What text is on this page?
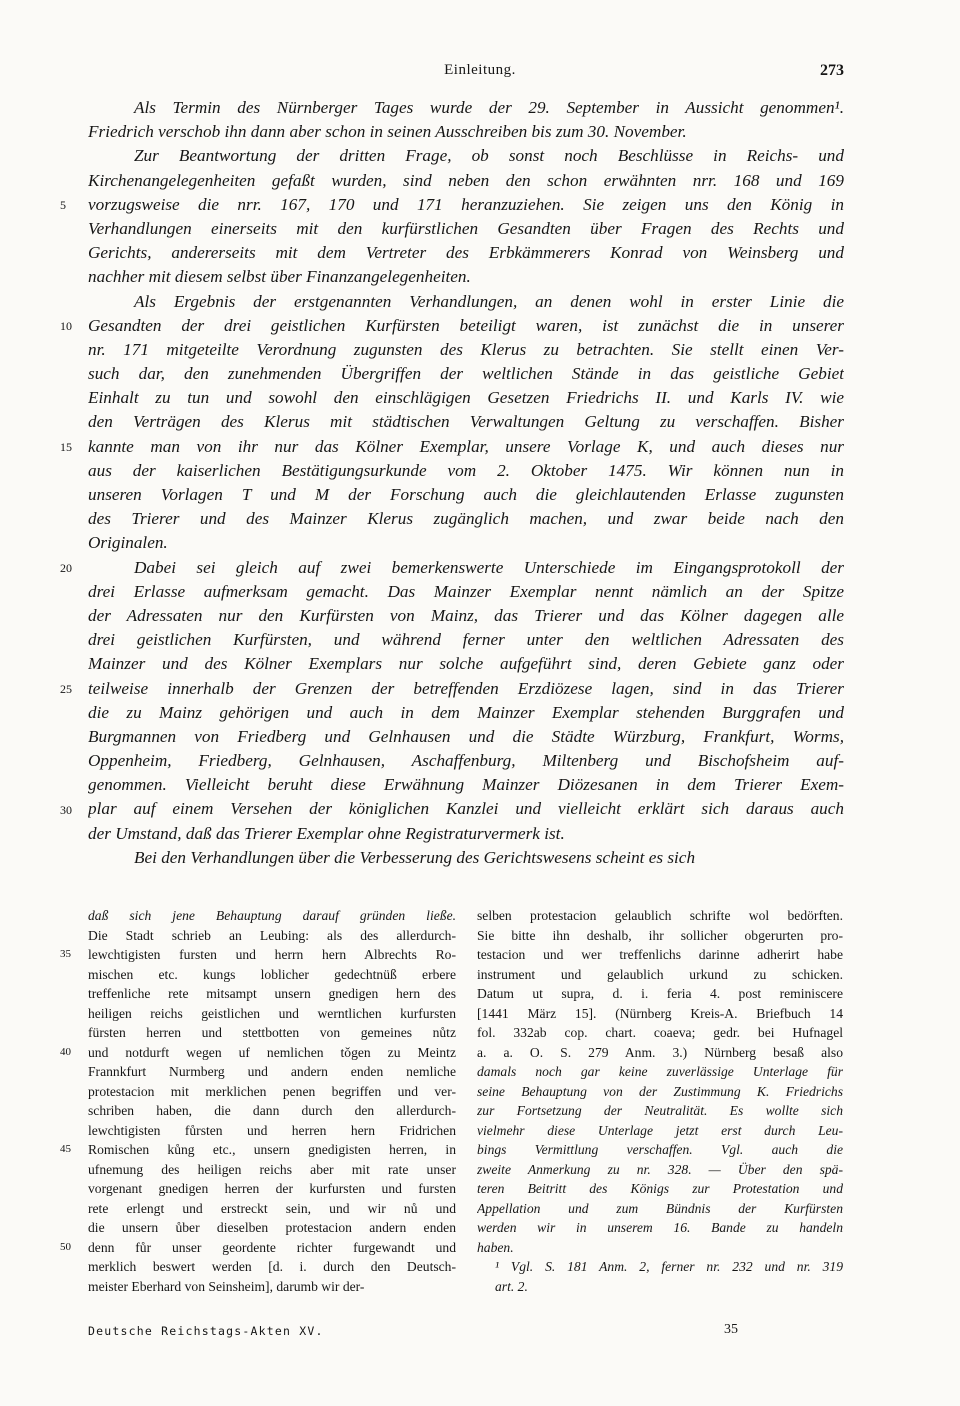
Einleitung.	273
Als Termin des Nürnberger Tages wurde der 29. September in Aussicht genommen¹.
Friedrich verschob ihn dann aber schon in seinen Ausschreiben bis zum 30. November.
Zur Beantwortung der dritten Frage, ob sonst noch Beschlüsse in Reichs- und
Kirchenangelegenheiten gefaßt wurden, sind neben den schon erwähnten nrr. 168 und 169
vorzugsweise die nrr. 167, 170 und 171 heranzuziehen. Sie zeigen uns den König in
Verhandlungen einerseits mit den kurfürstlichen Gesandten über Fragen des Rechts und
Gerichts, andererseits mit dem Vertreter des Erbkämmerers Konrad von Weinsberg und
nachher mit diesem selbst über Finanzangelegenheiten.
Als Ergebnis der erstgenannten Verhandlungen, an denen wohl in erster Linie die
Gesandten der drei geistlichen Kurfürsten beteiligt waren, ist zunächst die in unserer
nr. 171 mitgeteilte Verordnung zugunsten des Klerus zu betrachten. Sie stellt einen Ver-
such dar, den zunehmenden Übergriffen der weltlichen Stände in das geistliche Gebiet
Einhalt zu tun und sowohl den einschlägigen Gesetzen Friedrichs II. und Karls IV. wie
den Verträgen des Klerus mit städtischen Verwaltungen Geltung zu verschaffen. Bisher
kannte man von ihr nur das Kölner Exemplar, unsere Vorlage K, und auch dieses nur
aus der kaiserlichen Bestätigungsurkunde vom 2. Oktober 1475. Wir können nun in
unseren Vorlagen T und M der Forschung auch die gleichlautenden Erlasse zugunsten
des Trierer und des Mainzer Klerus zugänglich machen, und zwar beide nach den
Originalen.
Dabei sei gleich auf zwei bemerkenswerte Unterschiede im Eingangsprotokoll der
drei Erlasse aufmerksam gemacht. Das Mainzer Exemplar nennt nämlich an der Spitze
der Adressaten nur den Kurfürsten von Mainz, das Trierer und das Kölner dagegen alle
drei geistlichen Kurfürsten, und während ferner unter den weltlichen Adressaten des
Mainzer und des Kölner Exemplars nur solche aufgeführt sind, deren Gebiete ganz oder
teilweise innerhalb der Grenzen der betreffenden Erzdiözese lagen, sind in das Trierer
die zu Mainz gehörigen und auch in dem Mainzer Exemplar stehenden Burggrafen und
Burgmannen von Friedberg und Gelnhausen und die Städte Würzburg, Frankfurt, Worms,
Oppenheim, Friedberg, Gelnhausen, Aschaffenburg, Miltenberg und Bischofsheim auf-
genommen. Vielleicht beruht diese Erwähnung Mainzer Diözesanen in dem Trierer Exem-
plar auf einem Versehen der königlichen Kanzlei und vielleicht erklärt sich daraus auch
der Umstand, daß das Trierer Exemplar ohne Registraturvermerk ist.
Bei den Verhandlungen über die Verbesserung des Gerichtswesens scheint es sich
5
10
15
20
25
30
daß sich jene Behauptung darauf gründen ließe.
Die Stadt schrieb an Leubing: als des allerdurch-
lewchtigisten fursten und herrn hern Albrechts Ro-
mischen etc. kungs loblicher gedechtnüß erbere
treffenliche rete mitsampt unsern gnedigen hern des
heiligen reichs geistlichen und werntlichen kurfursten
fürsten herren und stettbotten von gemeines nůtz
und notdurft wegen uf nemlichen tǒgen zu Meintz
Frannkfurt Nurmberg und andern enden nemliche
protestacion mit merklichen penen begriffen und ver-
schriben haben, die dann durch den allerdurch-
lewchtigisten fůrsten und herren hern Fridrichen
Romischen kůng etc., unsern gnedigisten herren, in
ufnemung des heiligen reichs aber mit rate unser
vorgenant gnedigen herren der kurfursten und fursten
rete erlengt und erstreckt sein, und wir nů und
die unsern ůber dieselben protestacion andern enden
denn fůr unser geordente richter furgewandt und
merklich beswert werden [d. i. durch den Deutsch-
meister Eberhard von Seinsheim], darumb wir der-
35
40
45
50
selben protestacion gelaublich schrifte wol bedörften.
Sie bitte ihn deshalb, ihr sollicher obgerurten pro-
testacion und wer treffenlichs darinne adherirt habe
instrument und gelaublich urkund zu schicken.
Datum ut supra, d. i. feria 4. post reminiscere
[1441 März 15]. (Nürnberg Kreis-A. Briefbuch 14
fol. 332ab cop. chart. coaeva; gedr. bei Hufnagel
a. a. O. S. 279 Anm. 3.) Nürnberg besaß also
damals noch gar keine zuverlässige Unterlage für
seine Behauptung von der Zustimmung K. Friedrichs
zur Fortsetzung der Neutralität. Es wollte sich
vielmehr diese Unterlage jetzt erst durch Leu-
bings Vermittlung verschaffen. Vgl. auch die
zweite Anmerkung zu nr. 328. — Über den spä-
teren Beitritt des Königs zur Protestation und
Appellation und zum Bündnis der Kurfürsten
werden wir in unserem 16. Bande zu handeln
haben.
¹ Vgl. S. 181 Anm. 2, ferner nr. 232 und nr. 319
art. 2.
Deutsche Reichstags-Akten XV.	35
